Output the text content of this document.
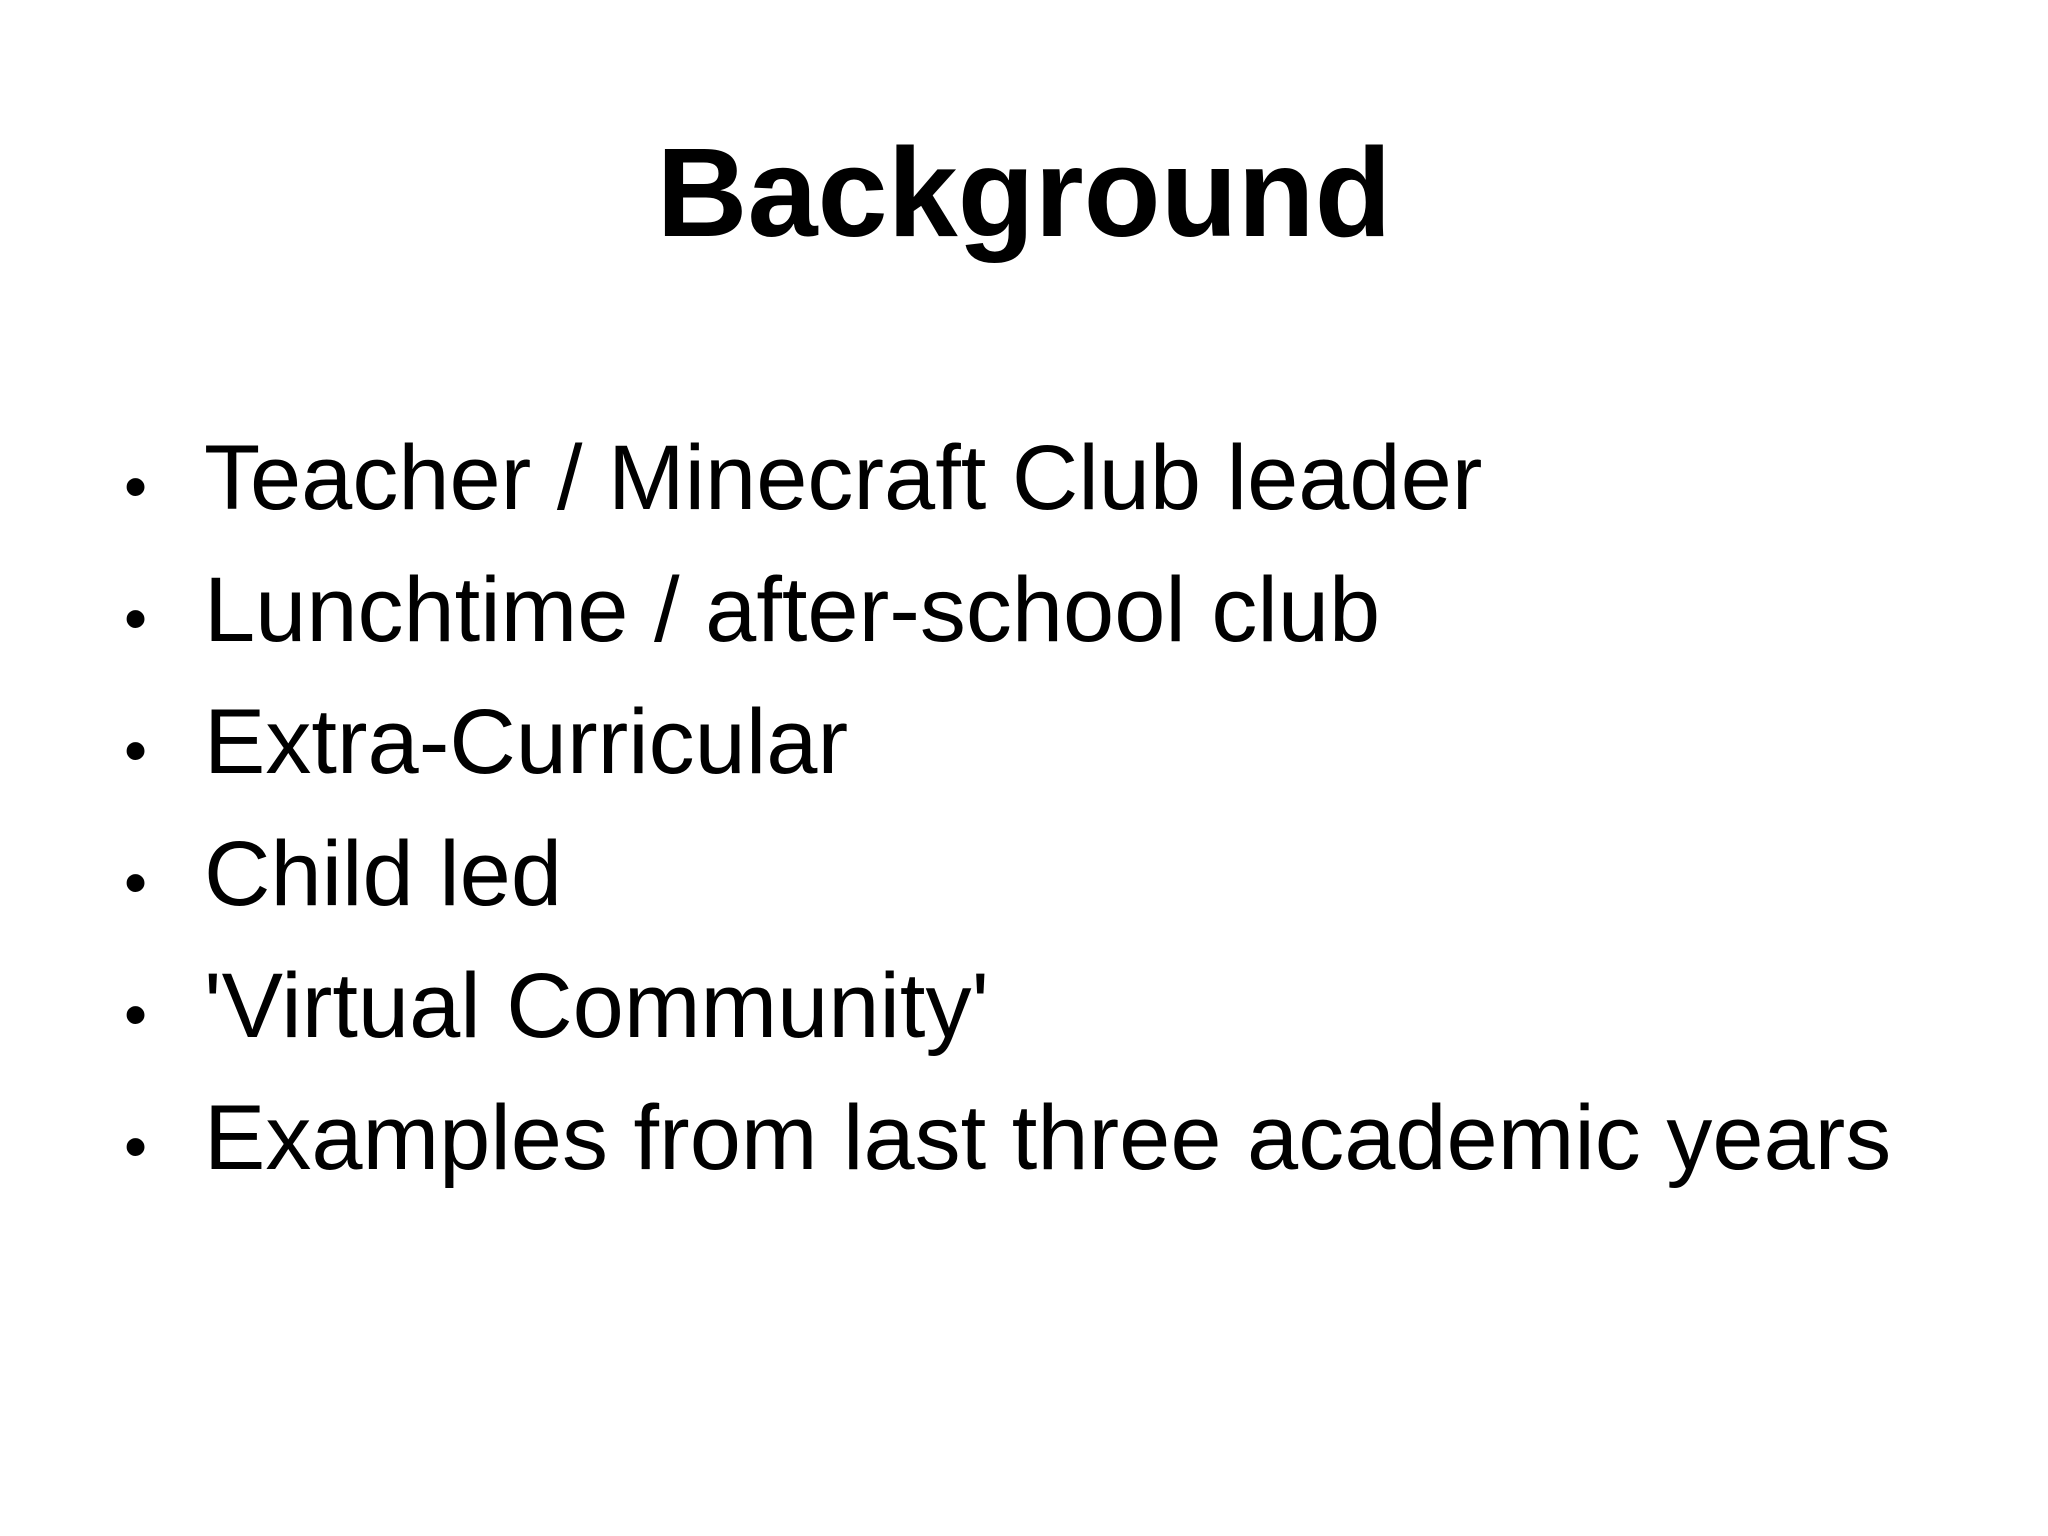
Background
• Teacher / Minecraft Club leader
• Lunchtime / after-school club
• Extra-Curricular
• Child led
• 'Virtual Community'
• Examples from last three academic years
